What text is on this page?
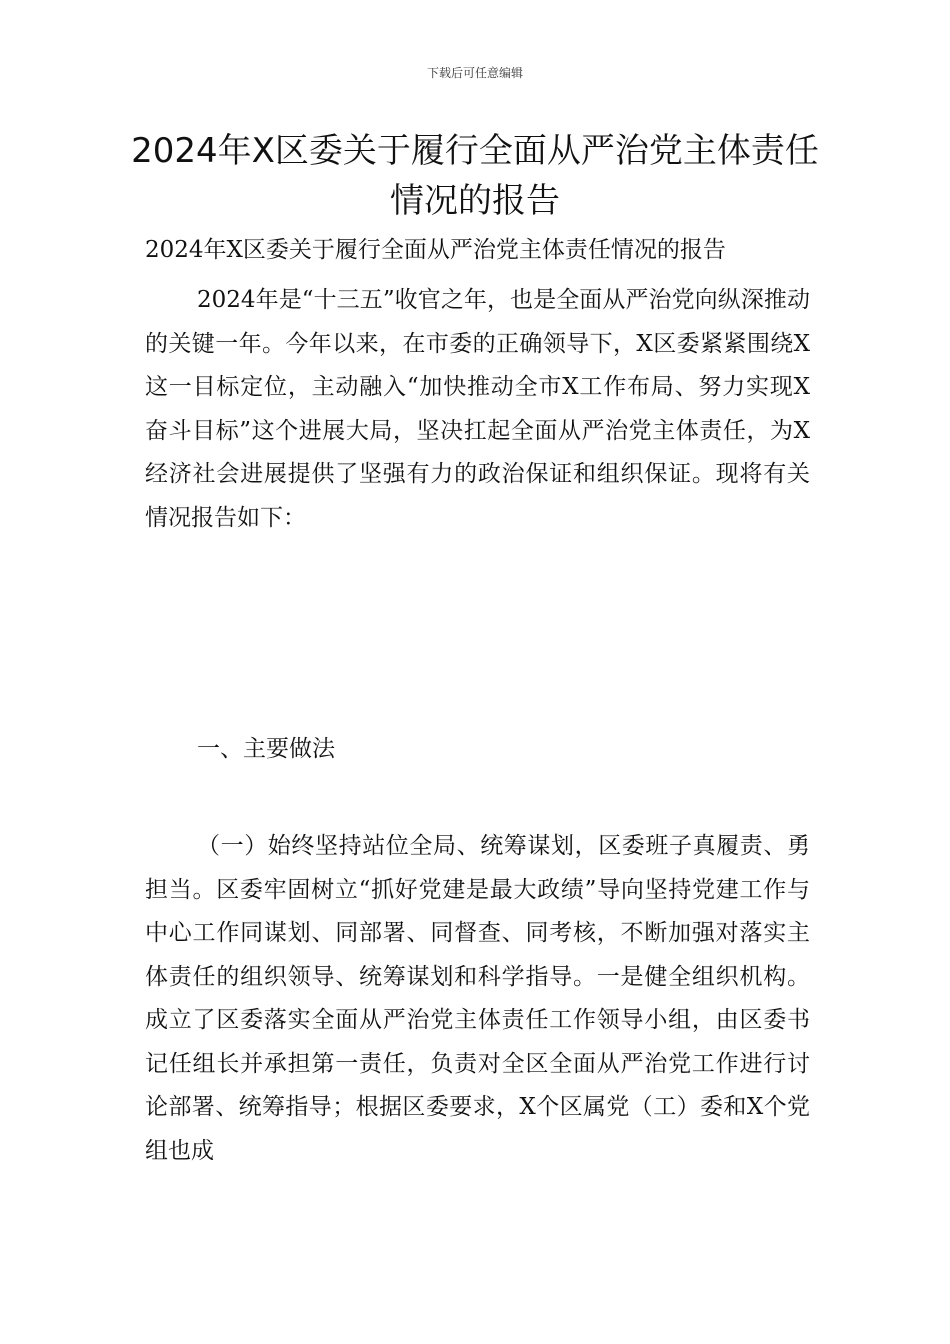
下载后可任意编辑
2024年X区委关于履行全面从严治党主体责任情况的报告

2024年X区委关于履行全面从严治党主体责任情况的报告

2024年是“十三五”收官之年，也是全面从严治党向纵深推动的关键一年。今年以来，在市委的正确领导下，X区委紧紧围绕X这一目标定位，主动融入“加快推动全市X工作布局、努力实现X奋斗目标”这个进展大局，坚决扛起全面从严治党主体责任，为X经济社会进展提供了坚强有力的政治保证和组织保证。现将有关情况报告如下：

一、主要做法

（一）始终坚持站位全局、统筹谋划，区委班子真履责、勇担当。区委牢固树立“抓好党建是最大政绩”导向坚持党建工作与中心工作同谋划、同部署、同督查、同考核，不断加强对落实主体责任的组织领导、统筹谋划和科学指导。一是健全组织机构。成立了区委落实全面从严治党主体责任工作领导小组，由区委书记任组长并承担第一责任，负责对全区全面从严治党工作进行讨论部署、统筹指导；根据区委要求，X个区属党（工）委和X个党组也成
